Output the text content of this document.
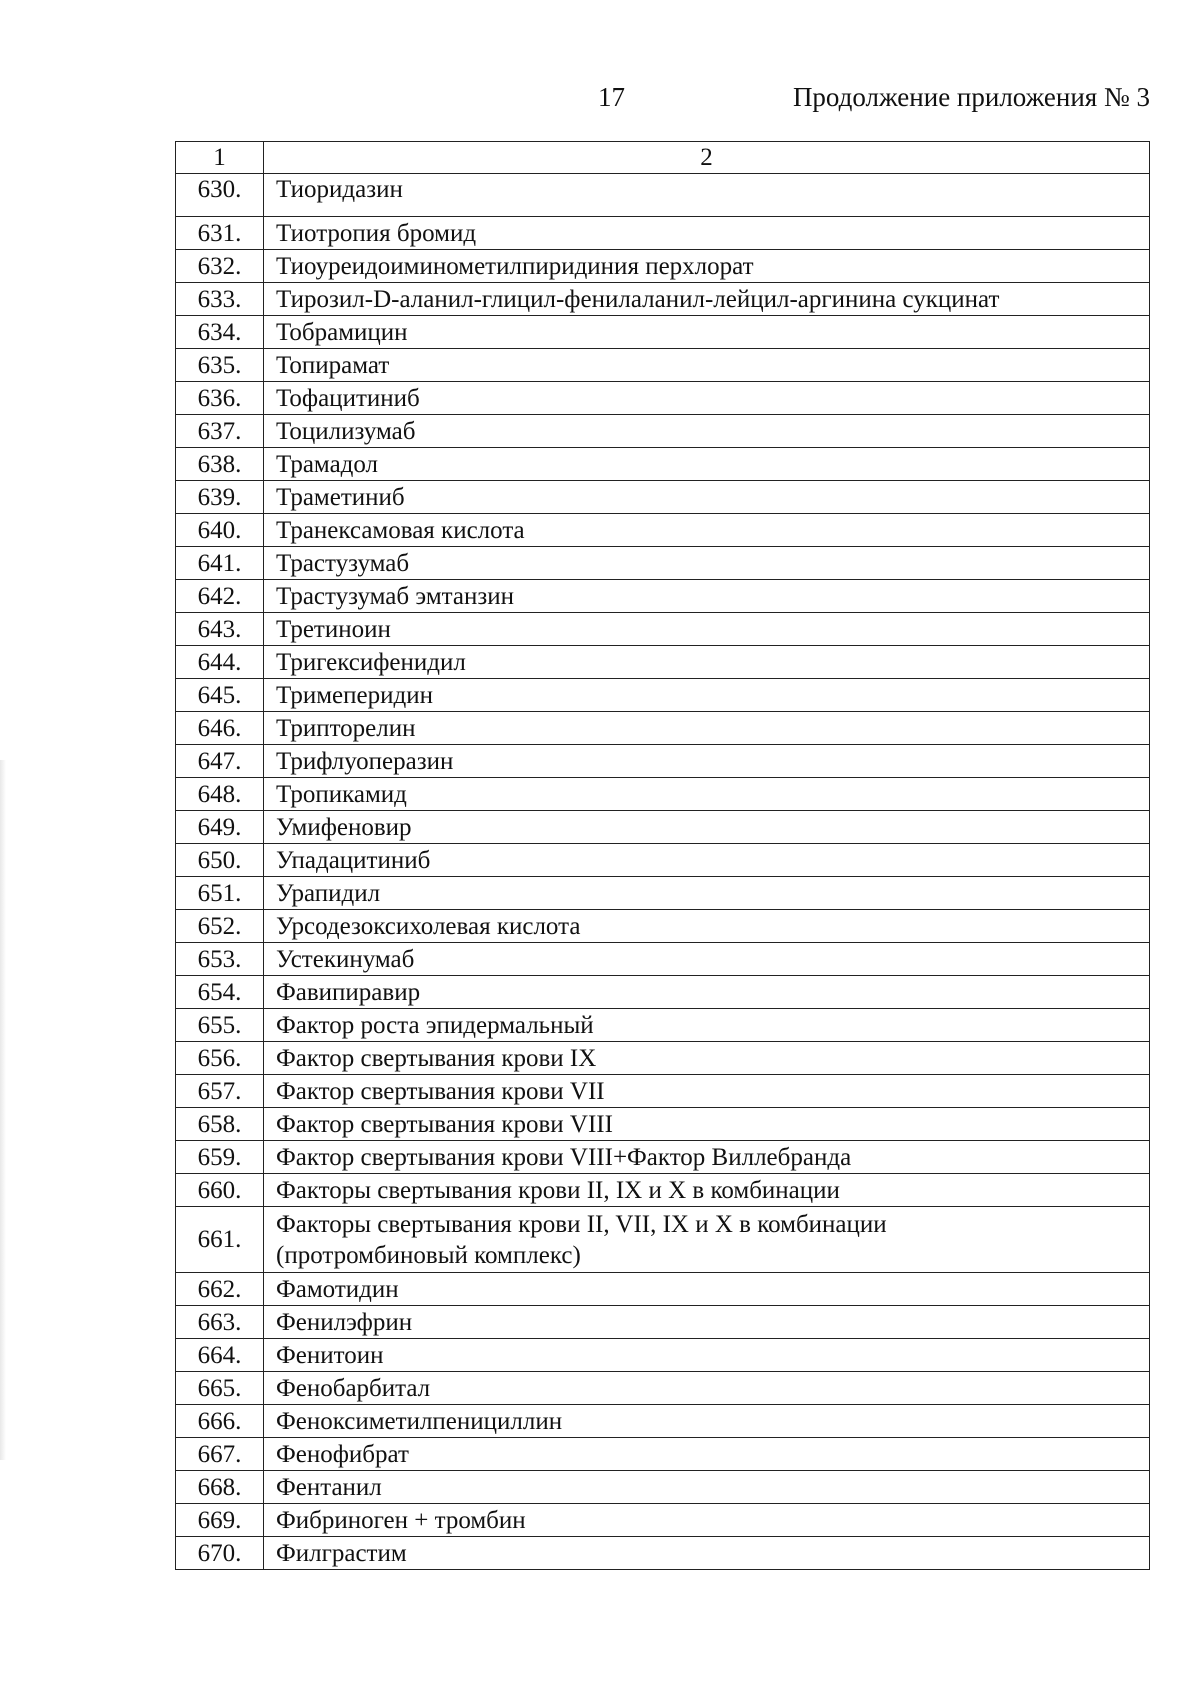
17	Продолжение приложения № 3
1	2
630.	Тиоридазин
631.	Тиотропия бромид
632.	Тиоуреидоиминометилпиридиния перхлорат
633.	Тирозил-D-аланил-глицил-фенилаланил-лейцил-аргинина сукцинат
634.	Тобрамицин
635.	Топирамат
636.	Тофацитиниб
637.	Тоцилизумаб
638.	Трамадол
639.	Траметиниб
640.	Транексамовая кислота
641.	Трастузумаб
642.	Трастузумаб эмтанзин
643.	Третиноин
644.	Тригексифенидил
645.	Тримеперидин
646.	Трипторелин
647.	Трифлуоперазин
648.	Тропикамид
649.	Умифеновир
650.	Упадацитиниб
651.	Урапидил
652.	Урсодезоксихолевая кислота
653.	Устекинумаб
654.	Фавипиравир
655.	Фактор роста эпидермальный
656.	Фактор свертывания крови IX
657.	Фактор свертывания крови VII
658.	Фактор свертывания крови VIII
659.	Фактор свертывания крови VIII+Фактор Виллебранда
660.	Факторы свертывания крови II, IX и X в комбинации
661.	Факторы свертывания крови II, VII, IX и X в комбинации
(протромбиновый комплекс)
662.	Фамотидин
663.	Фенилэфрин
664.	Фенитоин
665.	Фенобарбитал
666.	Феноксиметилпенициллин
667.	Фенофибрат
668.	Фентанил
669.	Фибриноген + тромбин
670.	Филграстим
